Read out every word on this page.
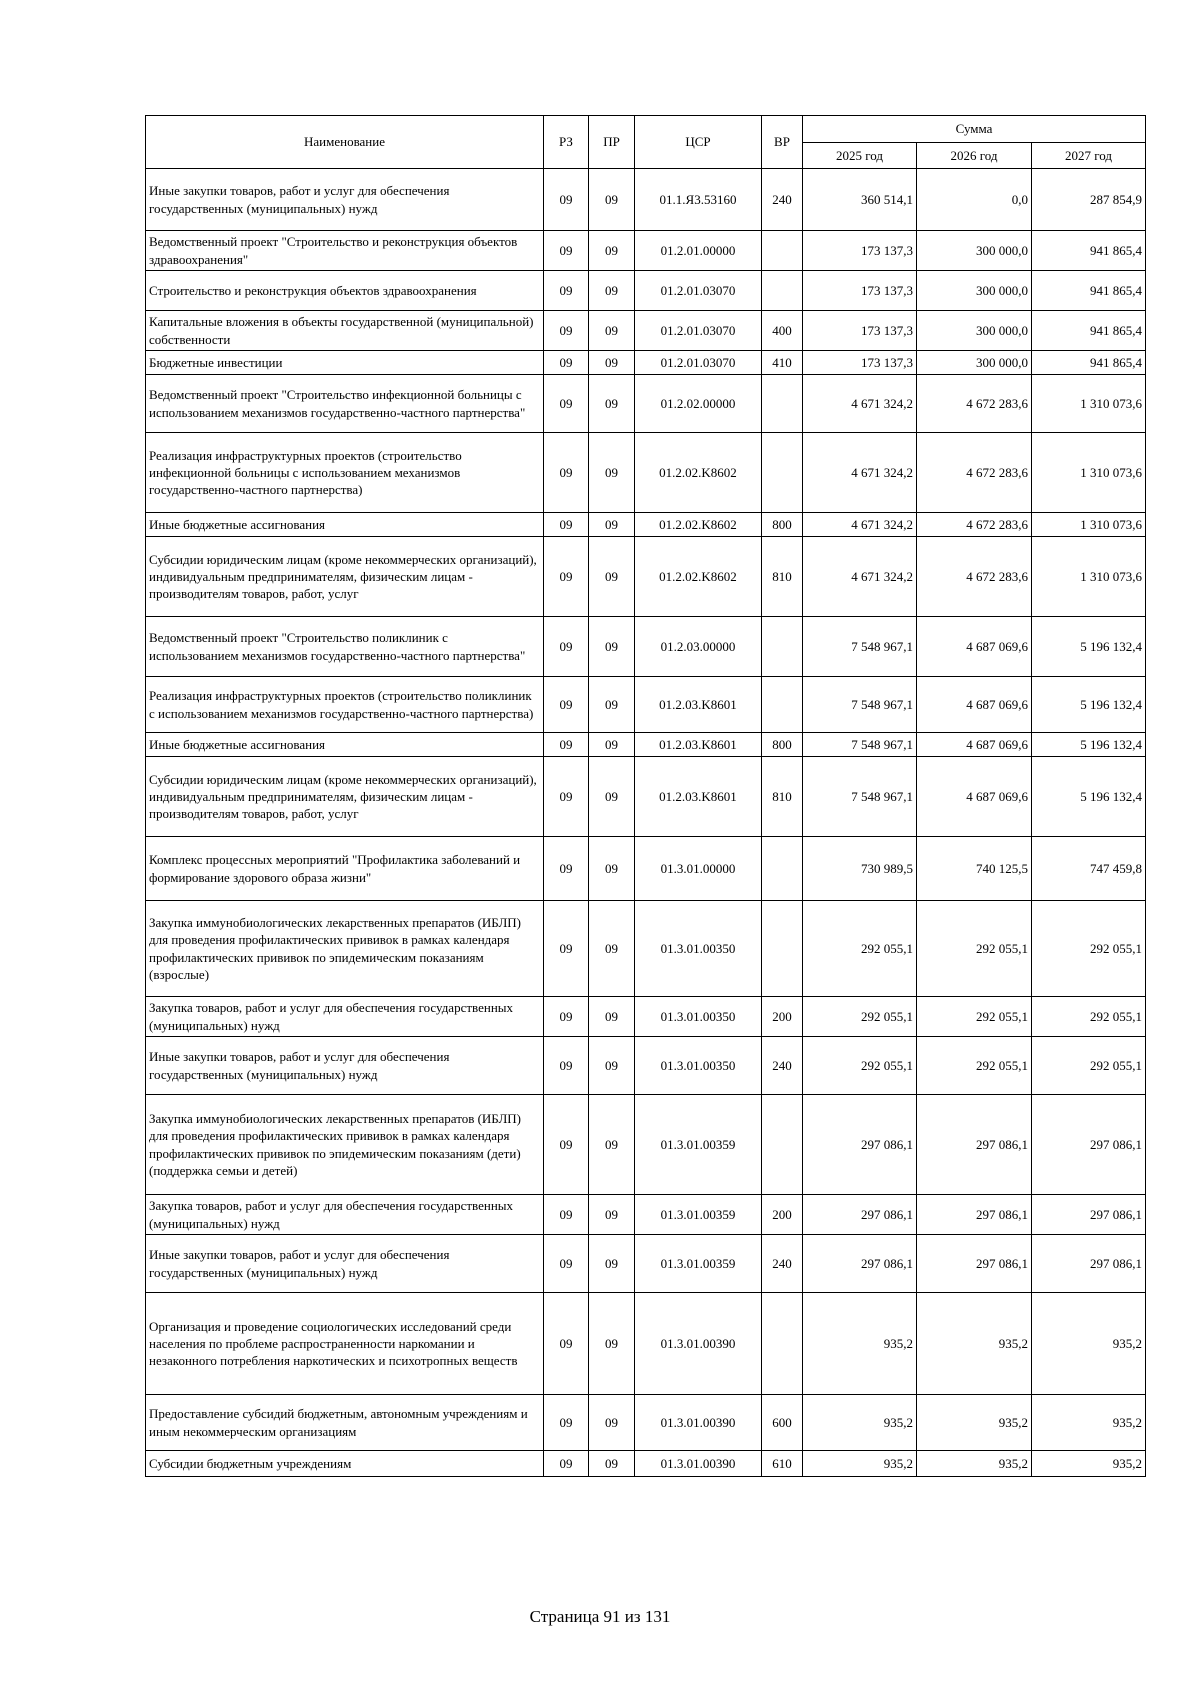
Наименование	РЗ	ПР	ЦСР	ВР	Сумма		
					2025 год	2026 год	2027 год
Иные закупки товаров, работ и услуг для обеспечения государственных (муниципальных) нужд	09	09	01.1.Я3.53160	240	360 514,1	0,0	287 854,9
Ведомственный проект "Строительство и реконструкция объектов здравоохранения"	09	09	01.2.01.00000		173 137,3	300 000,0	941 865,4
Строительство и реконструкция объектов здравоохранения	09	09	01.2.01.03070		173 137,3	300 000,0	941 865,4
Капитальные вложения в объекты государственной (муниципальной) собственности	09	09	01.2.01.03070	400	173 137,3	300 000,0	941 865,4
Бюджетные инвестиции	09	09	01.2.01.03070	410	173 137,3	300 000,0	941 865,4
Ведомственный проект "Строительство инфекционной больницы с использованием механизмов государственно-частного партнерства"	09	09	01.2.02.00000		4 671 324,2	4 672 283,6	1 310 073,6
Реализация инфраструктурных проектов (строительство инфекционной больницы с использованием механизмов государственно-частного партнерства)	09	09	01.2.02.K8602		4 671 324,2	4 672 283,6	1 310 073,6
Иные бюджетные ассигнования	09	09	01.2.02.K8602	800	4 671 324,2	4 672 283,6	1 310 073,6
Субсидии юридическим лицам (кроме некоммерческих организаций), индивидуальным предпринимателям, физическим лицам - производителям товаров, работ, услуг	09	09	01.2.02.K8602	810	4 671 324,2	4 672 283,6	1 310 073,6
Ведомственный проект "Строительство поликлиник с использованием механизмов государственно-частного партнерства"	09	09	01.2.03.00000		7 548 967,1	4 687 069,6	5 196 132,4
Реализация инфраструктурных проектов (строительство поликлиник с использованием механизмов государственно-частного партнерства)	09	09	01.2.03.K8601		7 548 967,1	4 687 069,6	5 196 132,4
Иные бюджетные ассигнования	09	09	01.2.03.K8601	800	7 548 967,1	4 687 069,6	5 196 132,4
Субсидии юридическим лицам (кроме некоммерческих организаций), индивидуальным предпринимателям, физическим лицам - производителям товаров, работ, услуг	09	09	01.2.03.K8601	810	7 548 967,1	4 687 069,6	5 196 132,4
Комплекс процессных мероприятий "Профилактика заболеваний и формирование здорового образа жизни"	09	09	01.3.01.00000		730 989,5	740 125,5	747 459,8
Закупка иммунобиологических лекарственных препаратов (ИБЛП) для проведения профилактических прививок в рамках календаря профилактических прививок по эпидемическим показаниям (взрослые)	09	09	01.3.01.00350		292 055,1	292 055,1	292 055,1
Закупка товаров, работ и услуг для обеспечения государственных (муниципальных) нужд	09	09	01.3.01.00350	200	292 055,1	292 055,1	292 055,1
Иные закупки товаров, работ и услуг для обеспечения государственных (муниципальных) нужд	09	09	01.3.01.00350	240	292 055,1	292 055,1	292 055,1
Закупка иммунобиологических лекарственных препаратов (ИБЛП) для проведения профилактических прививок в рамках календаря профилактических прививок по эпидемическим показаниям (дети) (поддержка семьи и детей)	09	09	01.3.01.00359		297 086,1	297 086,1	297 086,1
Закупка товаров, работ и услуг для обеспечения государственных (муниципальных) нужд	09	09	01.3.01.00359	200	297 086,1	297 086,1	297 086,1
Иные закупки товаров, работ и услуг для обеспечения государственных (муниципальных) нужд	09	09	01.3.01.00359	240	297 086,1	297 086,1	297 086,1
Организация и проведение социологических исследований среди населения по проблеме распространенности наркомании и незаконного потребления наркотических и психотропных веществ	09	09	01.3.01.00390		935,2	935,2	935,2
Предоставление субсидий бюджетным, автономным учреждениям и иным некоммерческим организациям	09	09	01.3.01.00390	600	935,2	935,2	935,2
Субсидии бюджетным учреждениям	09	09	01.3.01.00390	610	935,2	935,2	935,2
Страница 91 из 131
